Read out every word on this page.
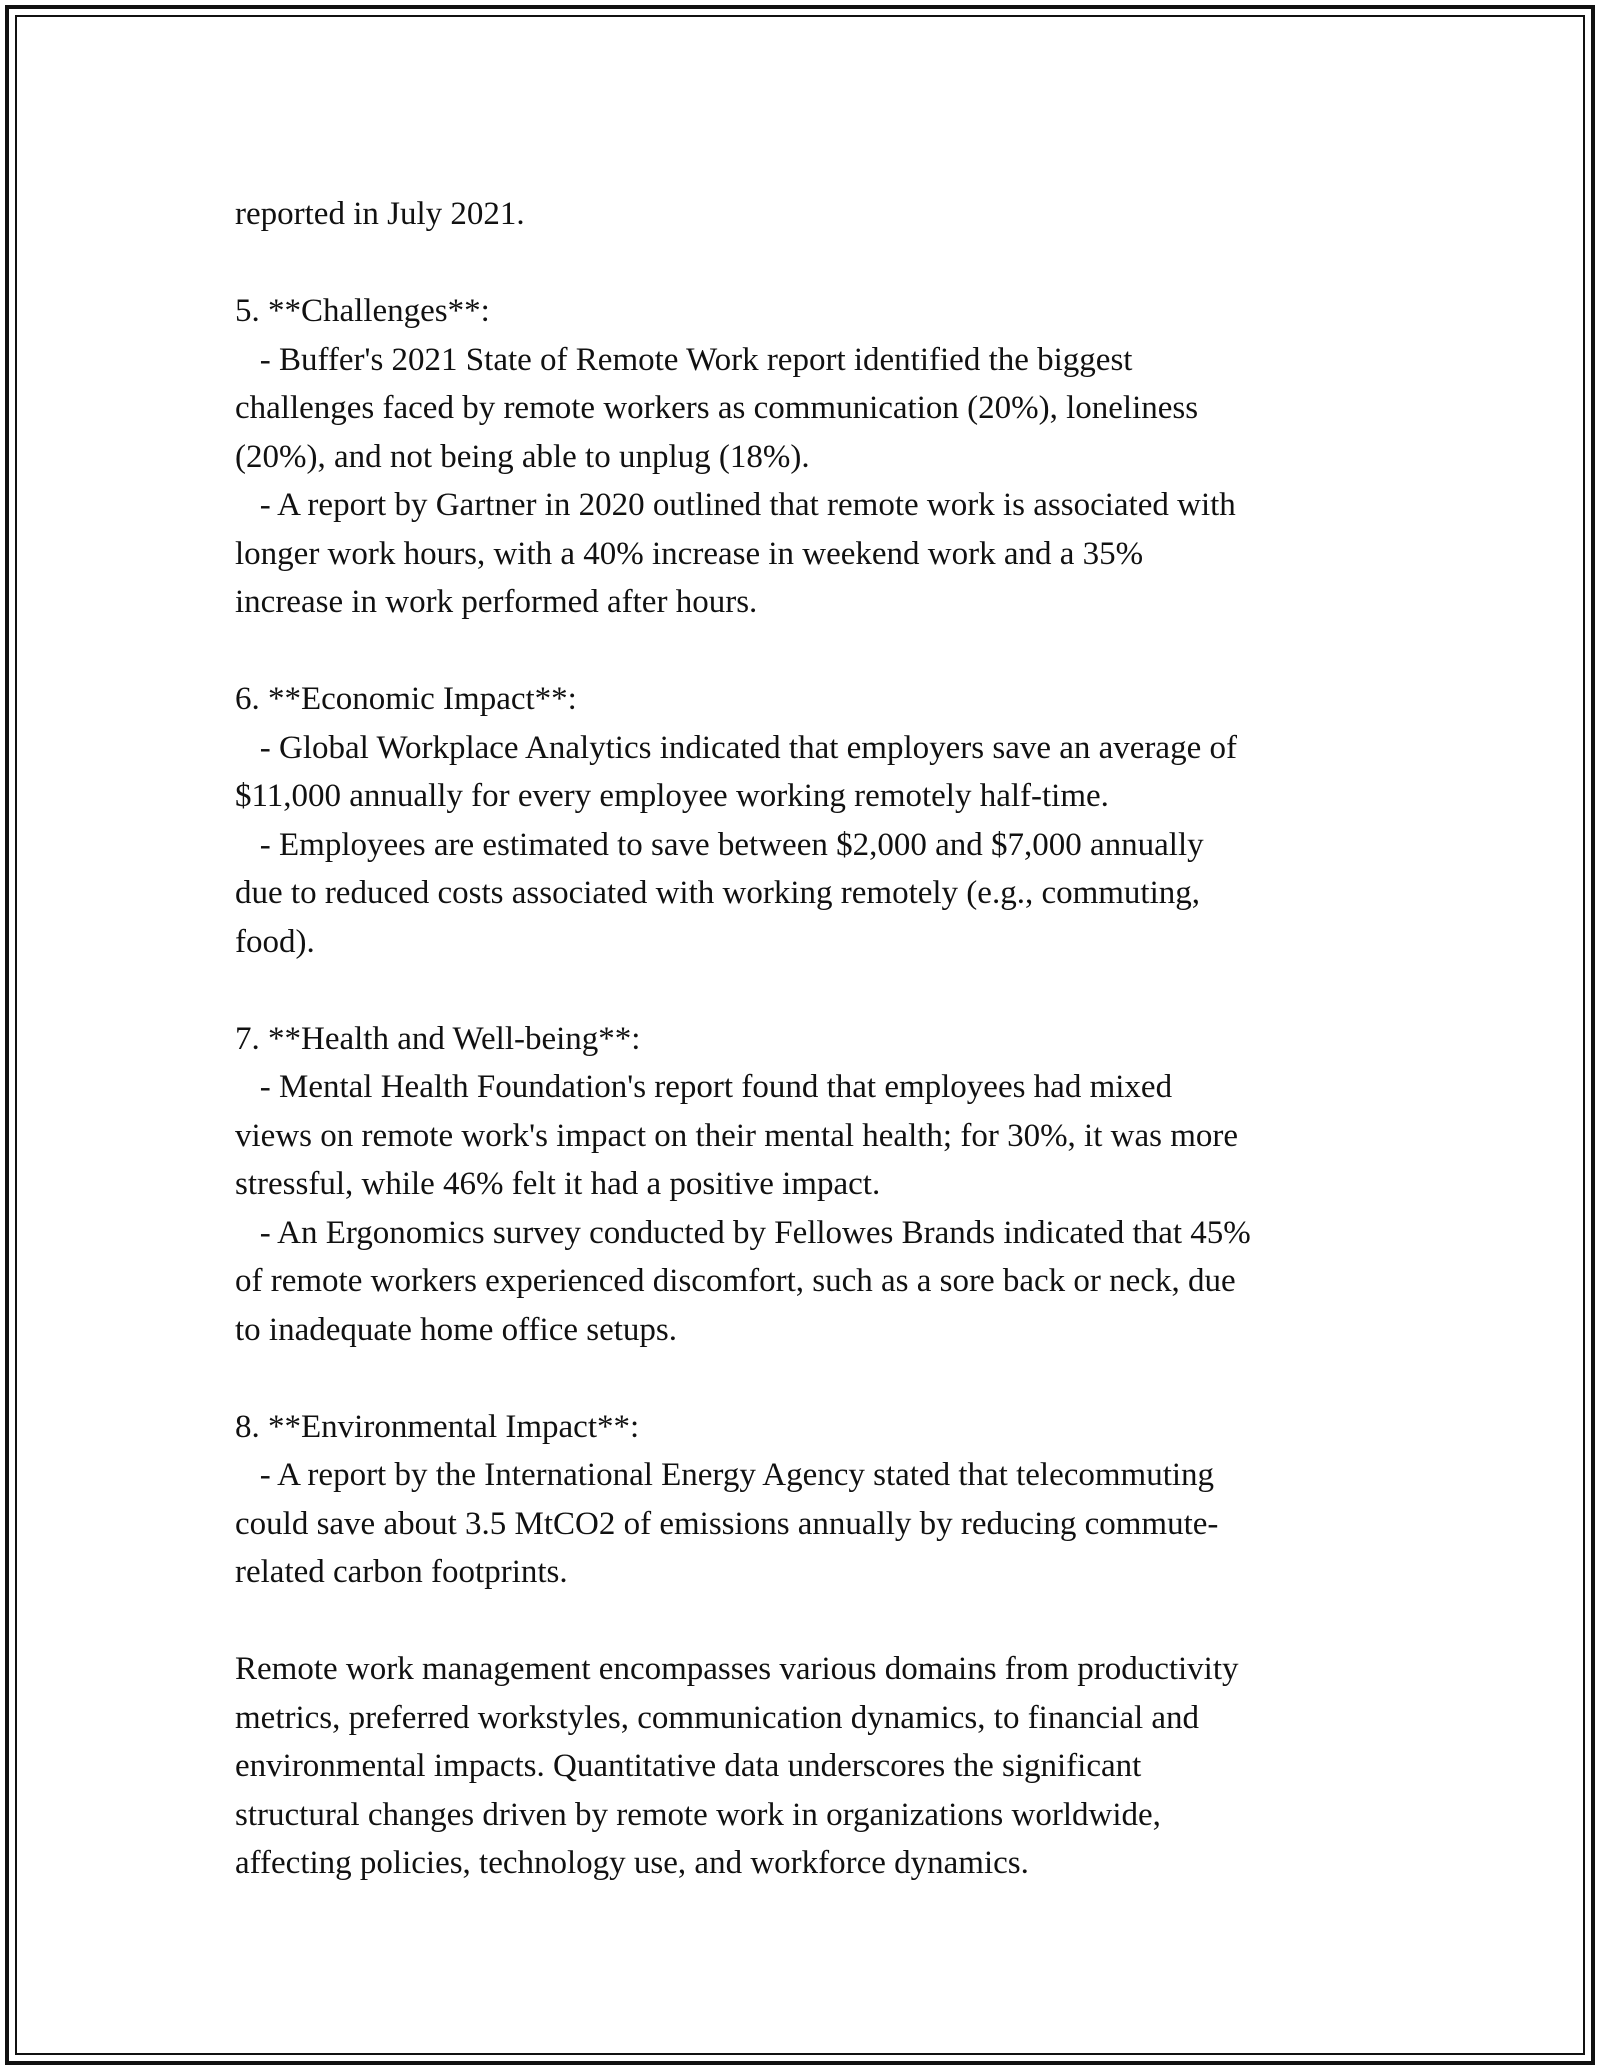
reported in July 2021.

5. **Challenges**:

- Buffer's 2021 State of Remote Work report identified the biggest

challenges faced by remote workers as communication (20%), loneliness

(20%), and not being able to unplug (18%).

- A report by Gartner in 2020 outlined that remote work is associated with

longer work hours, with a 40% increase in weekend work and a 35%

increase in work performed after hours.

6. **Economic Impact**:

- Global Workplace Analytics indicated that employers save an average of

$11,000 annually for every employee working remotely half-time.

- Employees are estimated to save between $2,000 and $7,000 annually

due to reduced costs associated with working remotely (e.g., commuting,

food).

7. **Health and Well-being**:

- Mental Health Foundation's report found that employees had mixed

views on remote work's impact on their mental health; for 30%, it was more

stressful, while 46% felt it had a positive impact.

- An Ergonomics survey conducted by Fellowes Brands indicated that 45%

of remote workers experienced discomfort, such as a sore back or neck, due

to inadequate home office setups.

8. **Environmental Impact**:

- A report by the International Energy Agency stated that telecommuting

could save about 3.5 MtCO2 of emissions annually by reducing commute-

related carbon footprints.

Remote work management encompasses various domains from productivity

metrics, preferred workstyles, communication dynamics, to financial and

environmental impacts. Quantitative data underscores the significant

structural changes driven by remote work in organizations worldwide,

affecting policies, technology use, and workforce dynamics.
